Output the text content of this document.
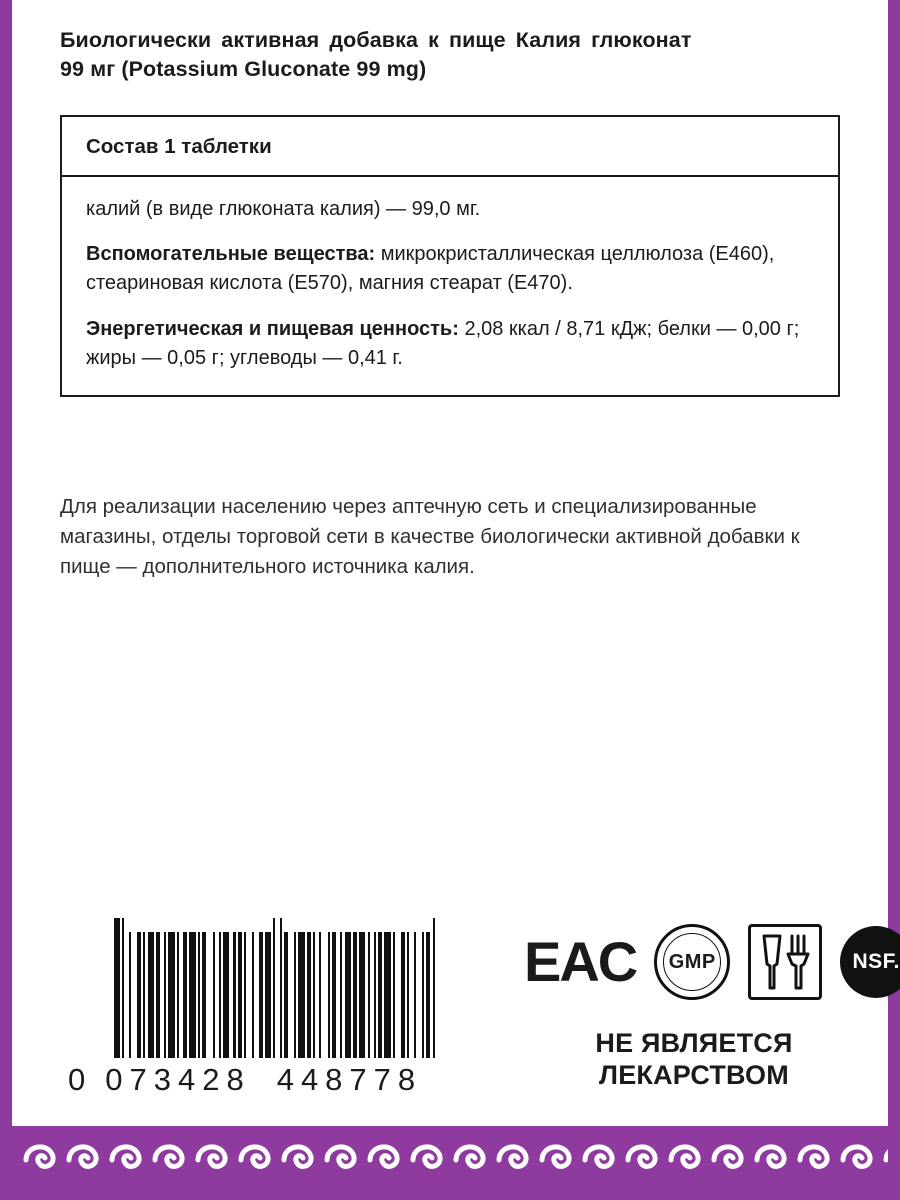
Биологически активная добавка к пище Калия глюконат
99 мг (Potassium Gluconate 99 mg)
Состав 1 таблетки

калий (в виде глюконата калия) — 99,0 мг.

Вспомогательные вещества: микрокристаллическая целлюлоза (Е460), стеариновая кислота (Е570), магния стеарат (Е470).

Энергетическая и пищевая ценность: 2,08 ккал / 8,71 кДж; белки — 0,00 г; жиры — 0,05 г; углеводы — 0,41 г.

Для реализации населению через аптечную сеть и специализированные магазины, отделы торговой сети в качестве биологически активной добавки к пище — дополнительного источника калия.
0 073428 448778
EAC GMP	NSF.
НЕ ЯВЛЯЕТСЯ
ЛЕКАРСТВОМ
